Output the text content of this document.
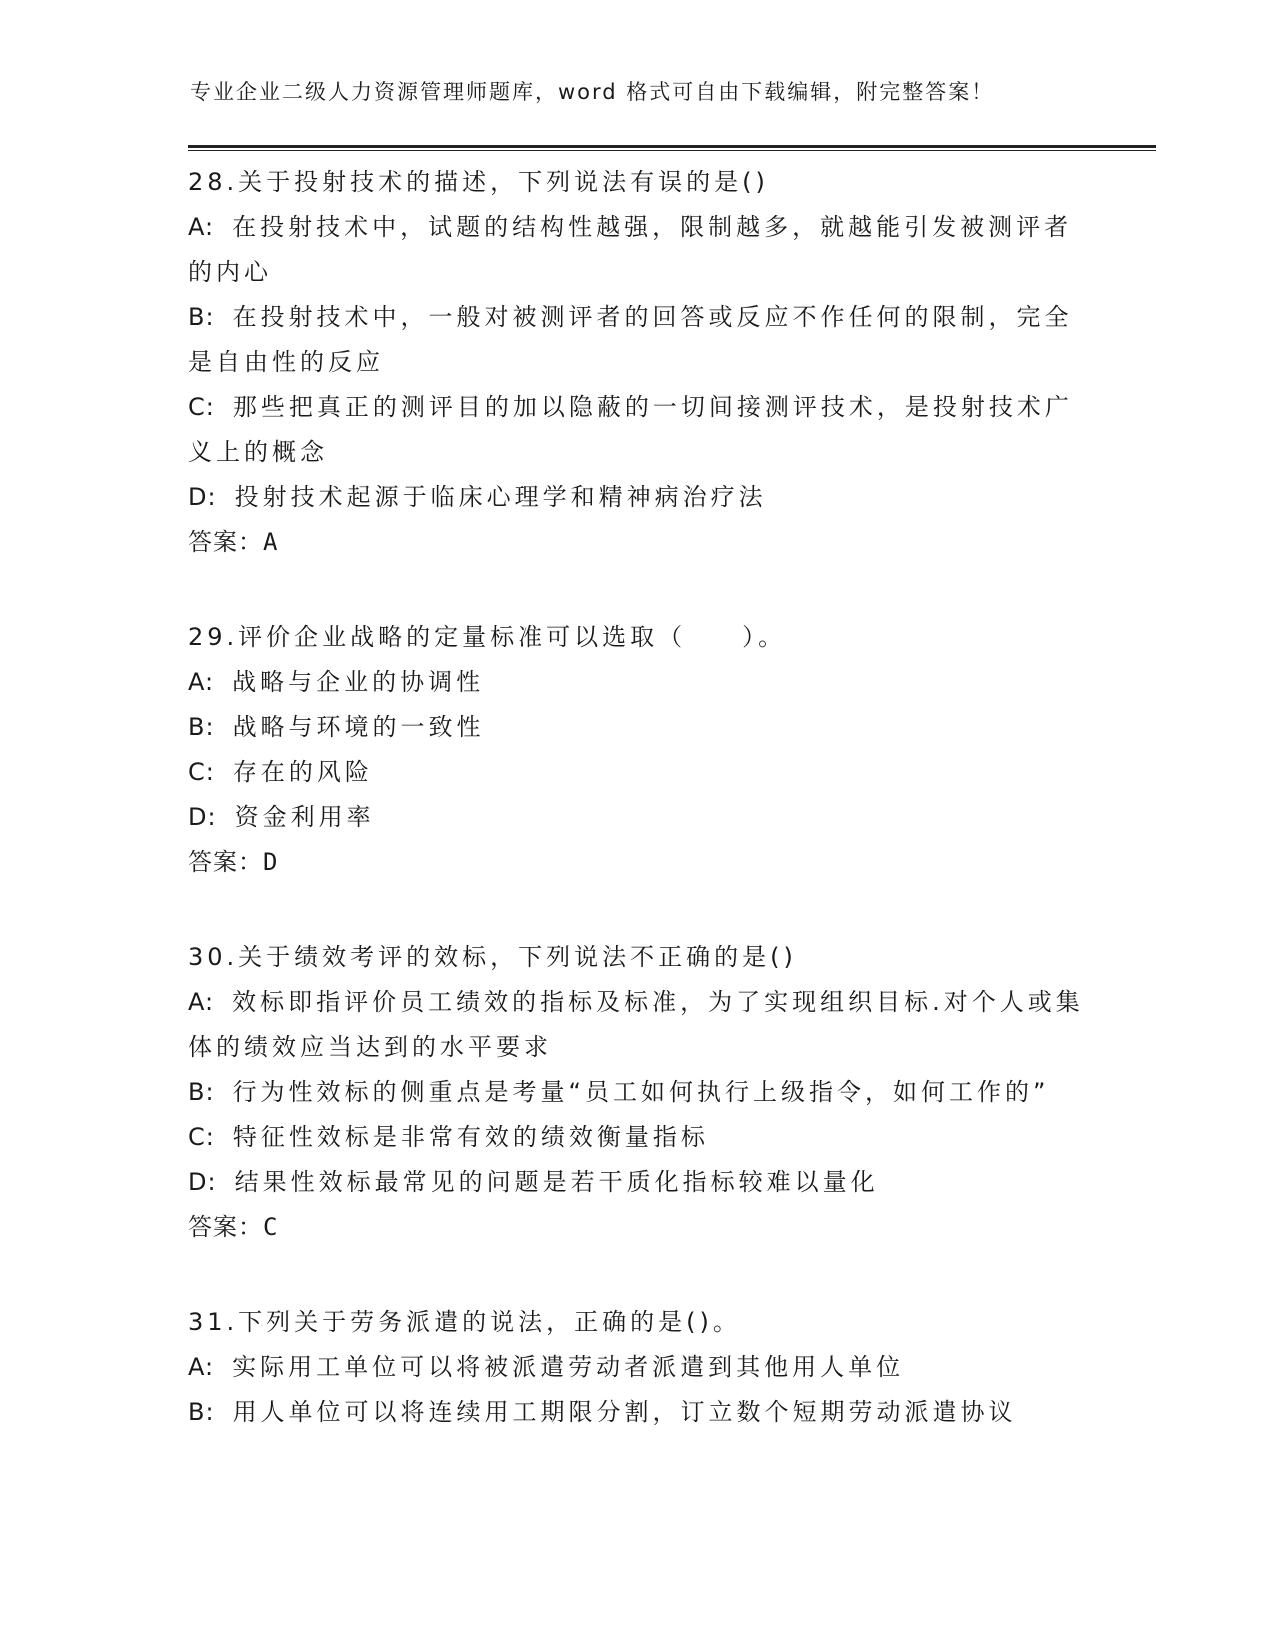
专业企业二级人力资源管理师题库，word 格式可自由下载编辑，附完整答案！
28.关于投射技术的描述，下列说法有误的是()
A: 在投射技术中，试题的结构性越强，限制越多，就越能引发被测评者的内心
B: 在投射技术中，一般对被测评者的回答或反应不作任何的限制，完全是自由性的反应
C: 那些把真正的测评目的加以隐蔽的一切间接测评技术，是投射技术广义上的概念
D: 投射技术起源于临床心理学和精神病治疗法
答案：A
29.评价企业战略的定量标准可以选取（　　）。
A: 战略与企业的协调性
B: 战略与环境的一致性
C: 存在的风险
D: 资金利用率
答案：D
30.关于绩效考评的效标，下列说法不正确的是()
A: 效标即指评价员工绩效的指标及标准，为了实现组织目标.对个人或集体的绩效应当达到的水平要求
B: 行为性效标的侧重点是考量“员工如何执行上级指令，如何工作的”
C: 特征性效标是非常有效的绩效衡量指标
D: 结果性效标最常见的问题是若干质化指标较难以量化
答案：C
31.下列关于劳务派遣的说法，正确的是()。
A: 实际用工单位可以将被派遣劳动者派遣到其他用人单位
B: 用人单位可以将连续用工期限分割，订立数个短期劳动派遣协议
